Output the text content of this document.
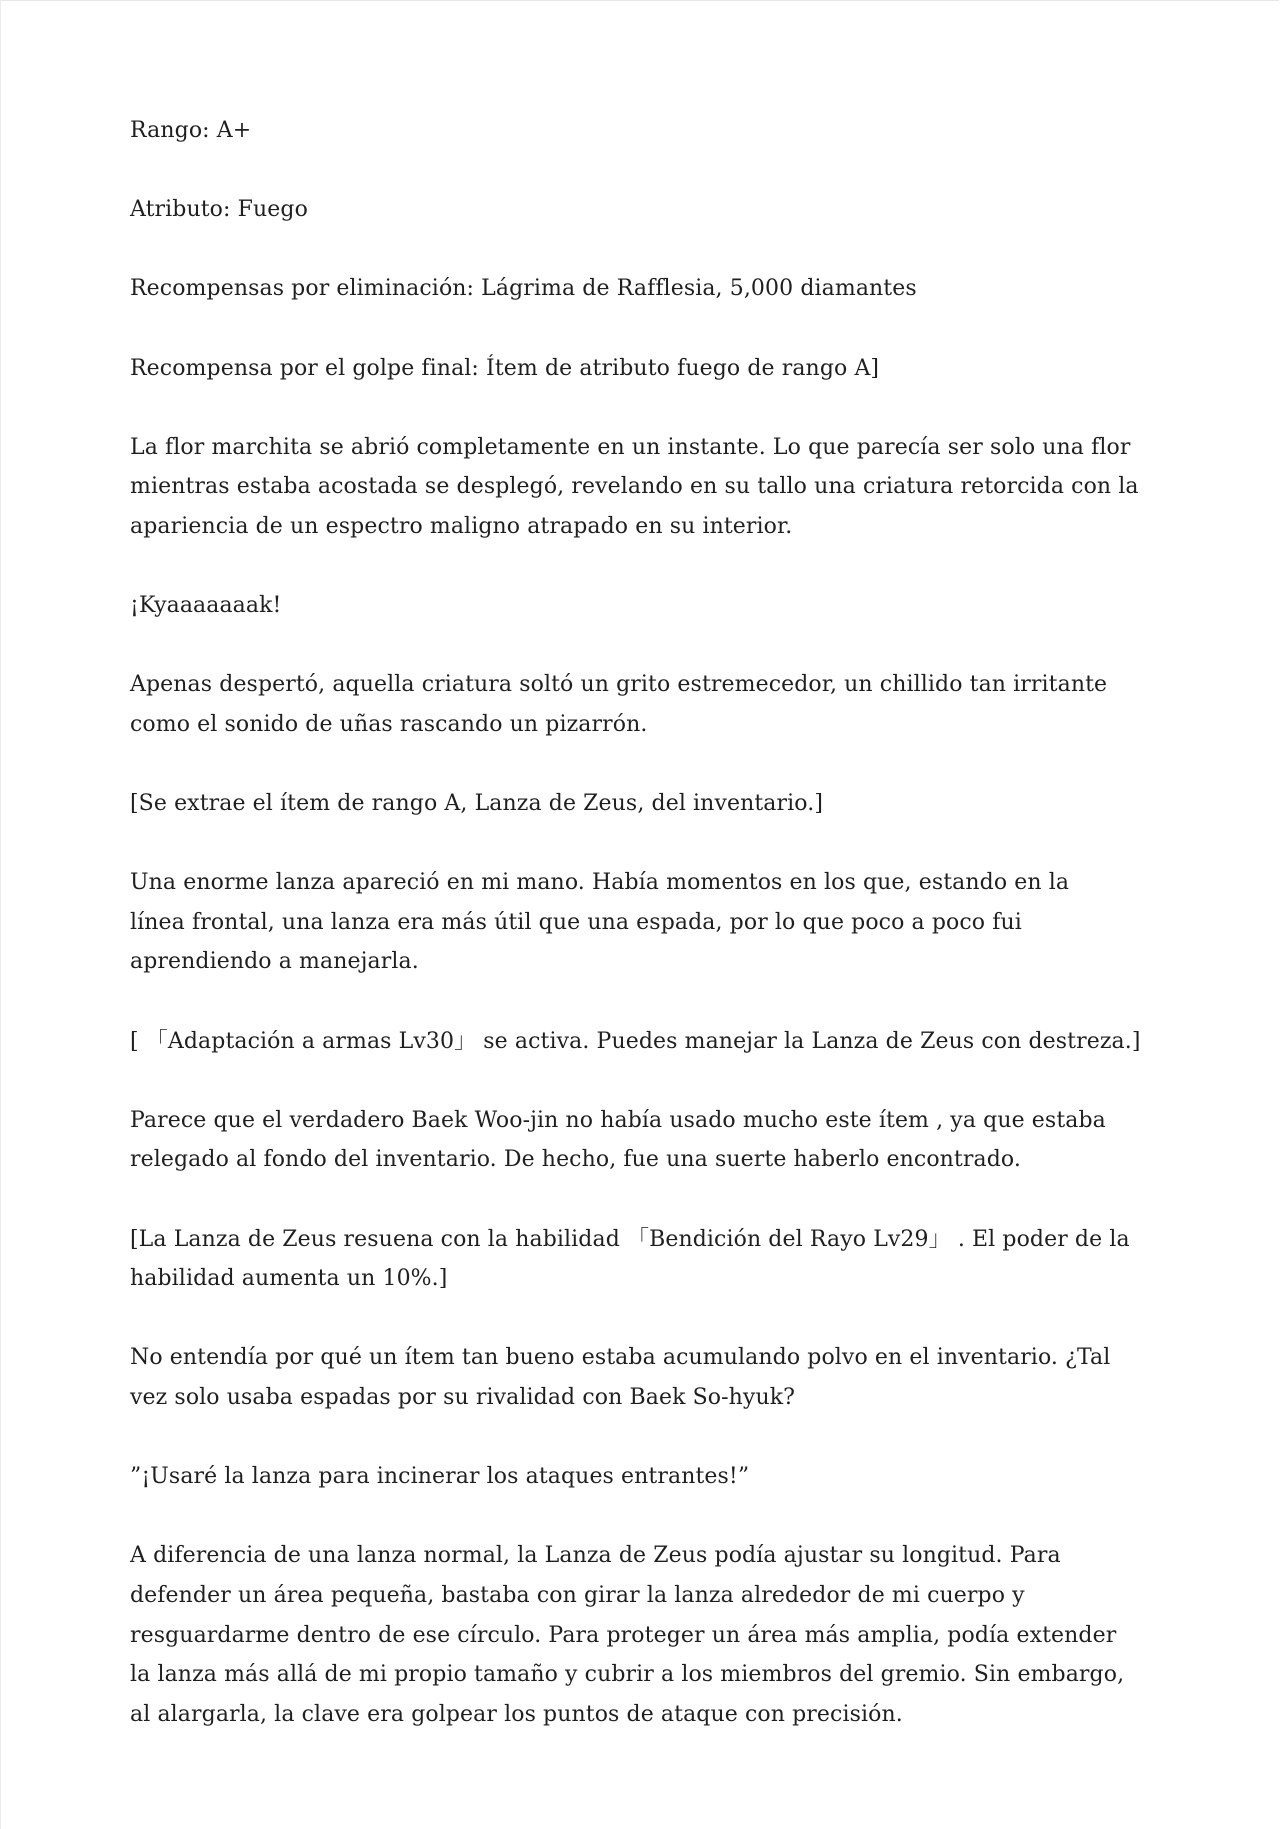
Rango: A+

Atributo: Fuego

Recompensas por eliminación: Lágrima de Rafflesia, 5,000 diamantes

Recompensa por el golpe final: Ítem de atributo fuego de rango A]

La flor marchita se abrió completamente en un instante. Lo que parecía ser solo una flor
mientras estaba acostada se desplegó, revelando en su tallo una criatura retorcida con la
apariencia de un espectro maligno atrapado en su interior.

¡Kyaaaaaaak!

Apenas despertó, aquella criatura soltó un grito estremecedor, un chillido tan irritante
como el sonido de uñas rascando un pizarrón.

[Se extrae el ítem de rango A, Lanza de Zeus, del inventario.]

Una enorme lanza apareció en mi mano. Había momentos en los que, estando en la
línea frontal, una lanza era más útil que una espada, por lo que poco a poco fui
aprendiendo a manejarla.

[ 「Adaptación a armas Lv30」 se activa. Puedes manejar la Lanza de Zeus con destreza.]

Parece que el verdadero Baek Woo-jin no había usado mucho este ítem , ya que estaba
relegado al fondo del inventario. De hecho, fue una suerte haberlo encontrado.

[La Lanza de Zeus resuena con la habilidad 「Bendición del Rayo Lv29」 . El poder de la
habilidad aumenta un 10%.]

No entendía por qué un ítem tan bueno estaba acumulando polvo en el inventario. ¿Tal
vez solo usaba espadas por su rivalidad con Baek So-hyuk?

”¡Usaré la lanza para incinerar los ataques entrantes!”

A diferencia de una lanza normal, la Lanza de Zeus podía ajustar su longitud. Para
defender un área pequeña, bastaba con girar la lanza alrededor de mi cuerpo y
resguardarme dentro de ese círculo. Para proteger un área más amplia, podía extender
la lanza más allá de mi propio tamaño y cubrir a los miembros del gremio. Sin embargo,
al alargarla, la clave era golpear los puntos de ataque con precisión.
